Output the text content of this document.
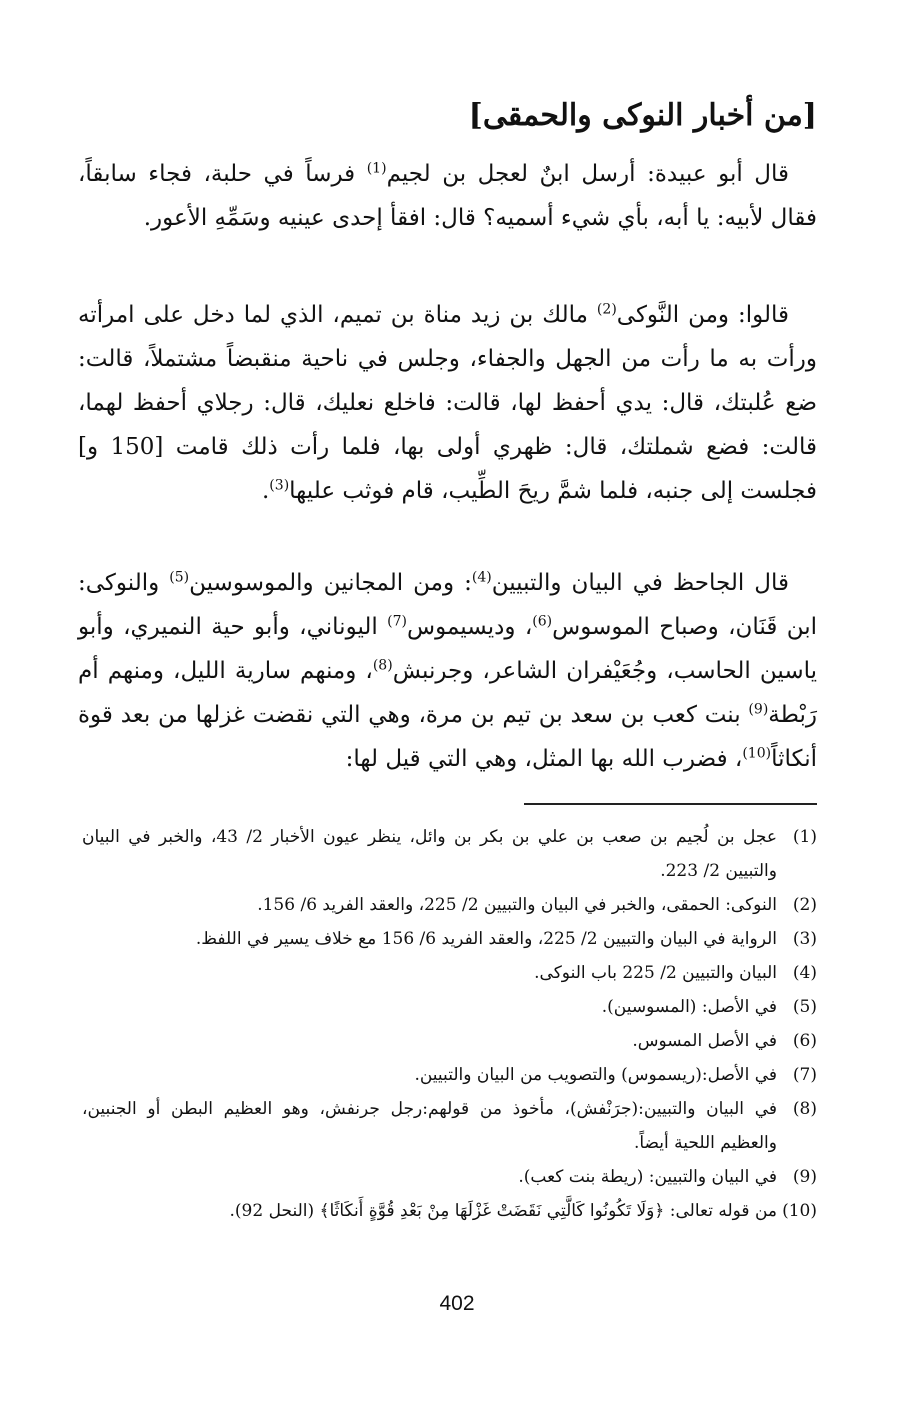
[من أخبار النوكى والحمقى]

قال أبو عبيدة: أرسل ابنٌ لعجل بن لجيم$^{(1)}$ فرساً في حلبة، فجاء سابقاً، فقال لأبيه: يا أبه، بأي شيء أسميه؟ قال: افقأ إحدى عينيه وسَمِّهِ الأعور.

قالوا: ومن النَّوكى$^{(2)}$ مالك بن زيد مناة بن تميم، الذي لما دخل على امرأته ورأت به ما رأت من الجهل والجفاء، وجلس في ناحية منقبضاً مشتملاً، قالت: ضع عُلبتك، قال: يدي أحفظ لها، قالت: فاخلع نعليك، قال: رجلاي أحفظ لهما، قالت: فضع شملتك، قال: ظهري أولى بها، فلما رأت ذلك قامت [150 و] فجلست إلى جنبه، فلما شمَّ ريحَ الطِّيب، قام فوثب عليها$^{(3)}$.

قال الجاحظ في البيان والتبيين$^{(4)}$: ومن المجانين والموسوسين$^{(5)}$ والنوكى: ابن قَنَان، وصباح الموسوس$^{(6)}$، وديسيموس$^{(7)}$ اليوناني، وأبو حية النميري، وأبو ياسين الحاسب، وجُعَيْفران الشاعر، وجرنبش$^{(8)}$، ومنهم سارية الليل، ومنهم أم رَبْطة$^{(9)}$ بنت كعب بن سعد بن تيم بن مرة، وهي التي نقضت غزلها من بعد قوة أنكاثاً$^{(10)}$، فضرب الله بها المثل، وهي التي قيل لها:

(1)
عجل بن لُجيم بن صعب بن علي بن بكر بن وائل، ينظر عيون الأخبار 2/ 43، والخبر في البيان والتبيين 2/ 223.
(2)
النوكى: الحمقى، والخبر في البيان والتبيين 2/ 225، والعقد الفريد 6/ 156.
(3)
الرواية في البيان والتبيين 2/ 225، والعقد الفريد 6/ 156 مع خلاف يسير في اللفظ.
(4)
البيان والتبيين 2/ 225 باب النوكى.
(5)
في الأصل: (المسوسين).
(6)
في الأصل المسوس.
(7)
في الأصل:(ريسموس) والتصويب من البيان والتبيين.
(8)
في البيان والتبيين:(جرَنْفش)، مأخوذ من قولهم:رجل جرنفش، وهو العظيم البطن أو الجنبين، والعظيم اللحية أيضاً.
(9)
في البيان والتبيين: (ريطة بنت كعب).
(10)
من قوله تعالى: ﴿وَلَا تَكُونُوا كَالَّتِي نَقَضَتْ غَزْلَهَا مِنْ بَعْدِ قُوَّةٍ أَنكَاثًا﴾ (النحل 92).
402
